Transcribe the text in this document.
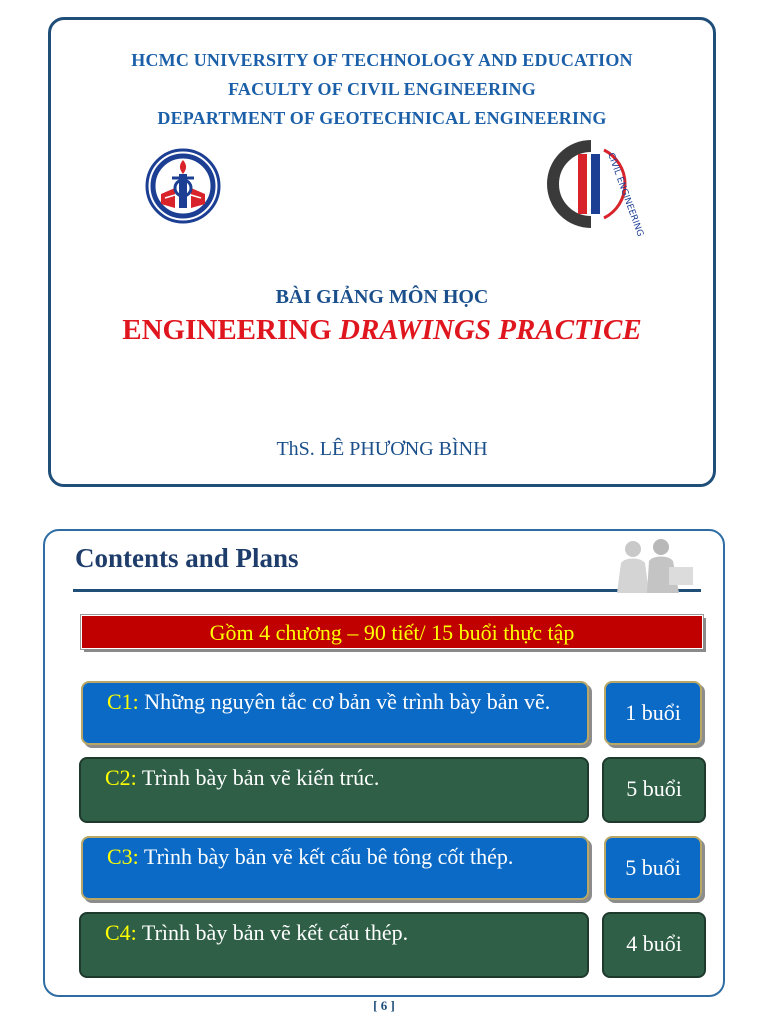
HCMC UNIVERSITY OF TECHNOLOGY AND EDUCATION
FACULTY OF CIVIL ENGINEERING
DEPARTMENT OF GEOTECHNICAL ENGINEERING
CIVIL ENGINEERING
BÀI GIẢNG MÔN HỌC
ENGINEERING DRAWINGS PRACTICE
ThS. LÊ PHƯƠNG BÌNH
Contents and Plans
Gồm 4 chương – 90 tiết/ 15 buổi thực tập
C1: Những nguyên tắc cơ bản về trình bày bản vẽ.	1 buổi
C2: Trình bày bản vẽ kiến trúc.	5 buổi
C3: Trình bày bản vẽ kết cấu bê tông cốt thép.	5 buổi
C4: Trình bày bản vẽ kết cấu thép.	4 buổi
[ 6 ]
